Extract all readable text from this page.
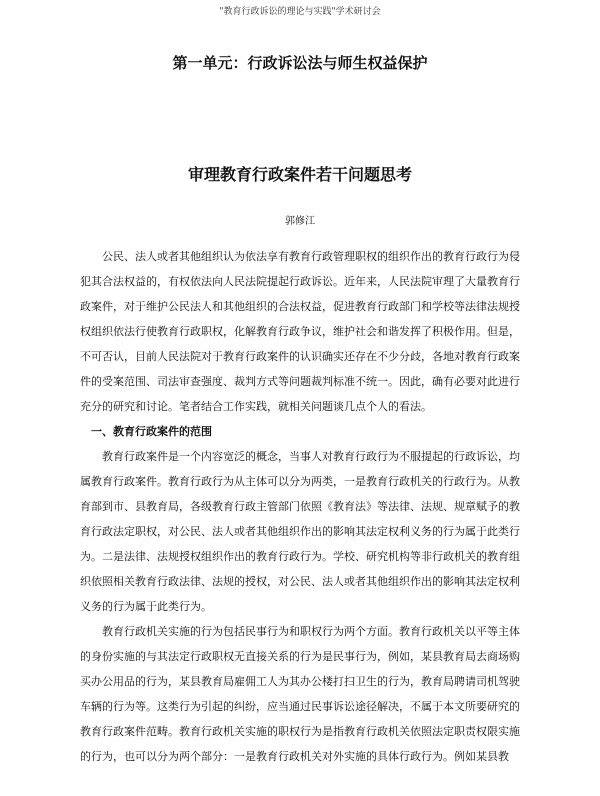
"教育行政诉讼的理论与实践"学术研讨会
第一单元：行政诉讼法与师生权益保护
审理教育行政案件若干问题思考
郭修江

公民、法人或者其他组织认为依法享有教育行政管理职权的组织作出的教育行政行为侵犯其合法权益的，有权依法向人民法院提起行政诉讼。近年来，人民法院审理了大量教育行政案件，对于维护公民法人和其他组织的合法权益，促进教育行政部门和学校等法律法规授权组织依法行使教育行政职权，化解教育行政争议，维护社会和谐发挥了积极作用。但是，不可否认，目前人民法院对于教育行政案件的认识确实还存在不少分歧，各地对教育行政案件的受案范围、司法审查强度、裁判方式等问题裁判标准不统一。因此，确有必要对此进行充分的研究和讨论。笔者结合工作实践，就相关问题谈几点个人的看法。

一、教育行政案件的范围

教育行政案件是一个内容宽泛的概念，当事人对教育行政行为不服提起的行政诉讼，均属教育行政案件。教育行政行为从主体可以分为两类，一是教育行政机关的行政行为。从教育部到市、县教育局，各级教育行政主管部门依照《教育法》等法律、法规、规章赋予的教育行政法定职权，对公民、法人或者其他组织作出的影响其法定权利义务的行为属于此类行为。二是法律、法规授权组织作出的教育行政行为。学校、研究机构等非行政机关的教育组织依照相关教育行政法律、法规的授权，对公民、法人或者其他组织作出的影响其法定权利义务的行为属于此类行为。

教育行政机关实施的行为包括民事行为和职权行为两个方面。教育行政机关以平等主体的身份实施的与其法定行政职权无直接关系的行为是民事行为，例如，某县教育局去商场购买办公用品的行为，某县教育局雇佣工人为其办公楼打扫卫生的行为，教育局聘请司机驾驶车辆的行为等。这类行为引起的纠纷，应当通过民事诉讼途径解决，不属于本文所要研究的教育行政案件范畴。教育行政机关实施的职权行为是指教育行政机关依照法定职责权限实施的行为，也可以分为两个部分：一是教育行政机关对外实施的具体行政行为。例如某县教
